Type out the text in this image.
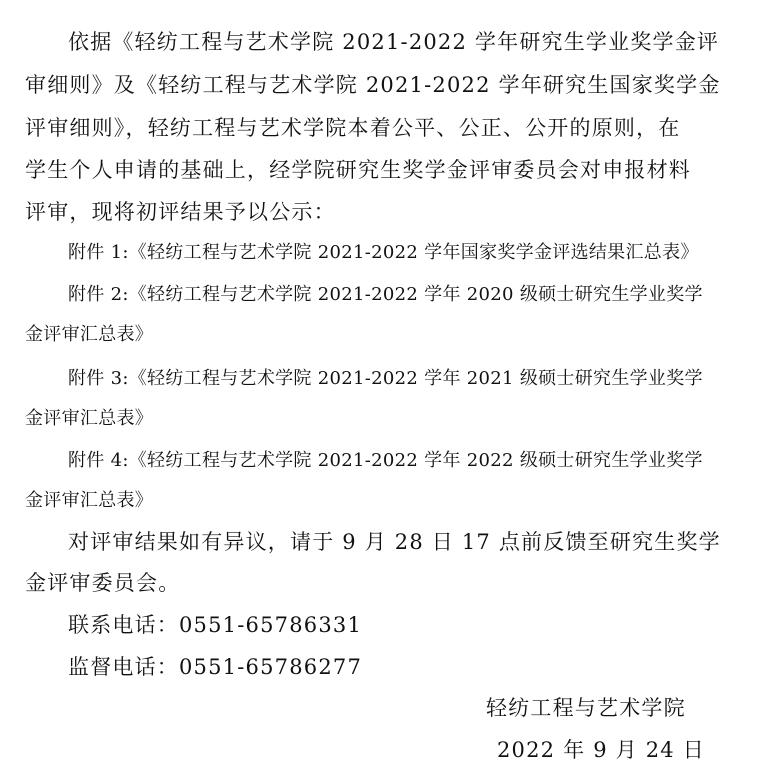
依据《轻纺工程与艺术学院 2021-2022 学年研究生学业奖学金评

审细则》及《轻纺工程与艺术学院 2021-2022 学年研究生国家奖学金

评审细则》，轻纺工程与艺术学院本着公平、公正、公开的原则，在

学生个人申请的基础上，经学院研究生奖学金评审委员会对申报材料

评审，现将初评结果予以公示：

附件 1:《轻纺工程与艺术学院 2021-2022 学年国家奖学金评选结果汇总表》

附件 2:《轻纺工程与艺术学院 2021-2022 学年 2020 级硕士研究生学业奖学

金评审汇总表》

附件 3:《轻纺工程与艺术学院 2021-2022 学年 2021 级硕士研究生学业奖学

金评审汇总表》

附件 4:《轻纺工程与艺术学院 2021-2022 学年 2022 级硕士研究生学业奖学

金评审汇总表》

对评审结果如有异议，请于 9 月 28 日 17 点前反馈至研究生奖学

金评审委员会。

联系电话：0551-65786331

监督电话：0551-65786277

轻纺工程与艺术学院

2022 年 9 月 24 日
